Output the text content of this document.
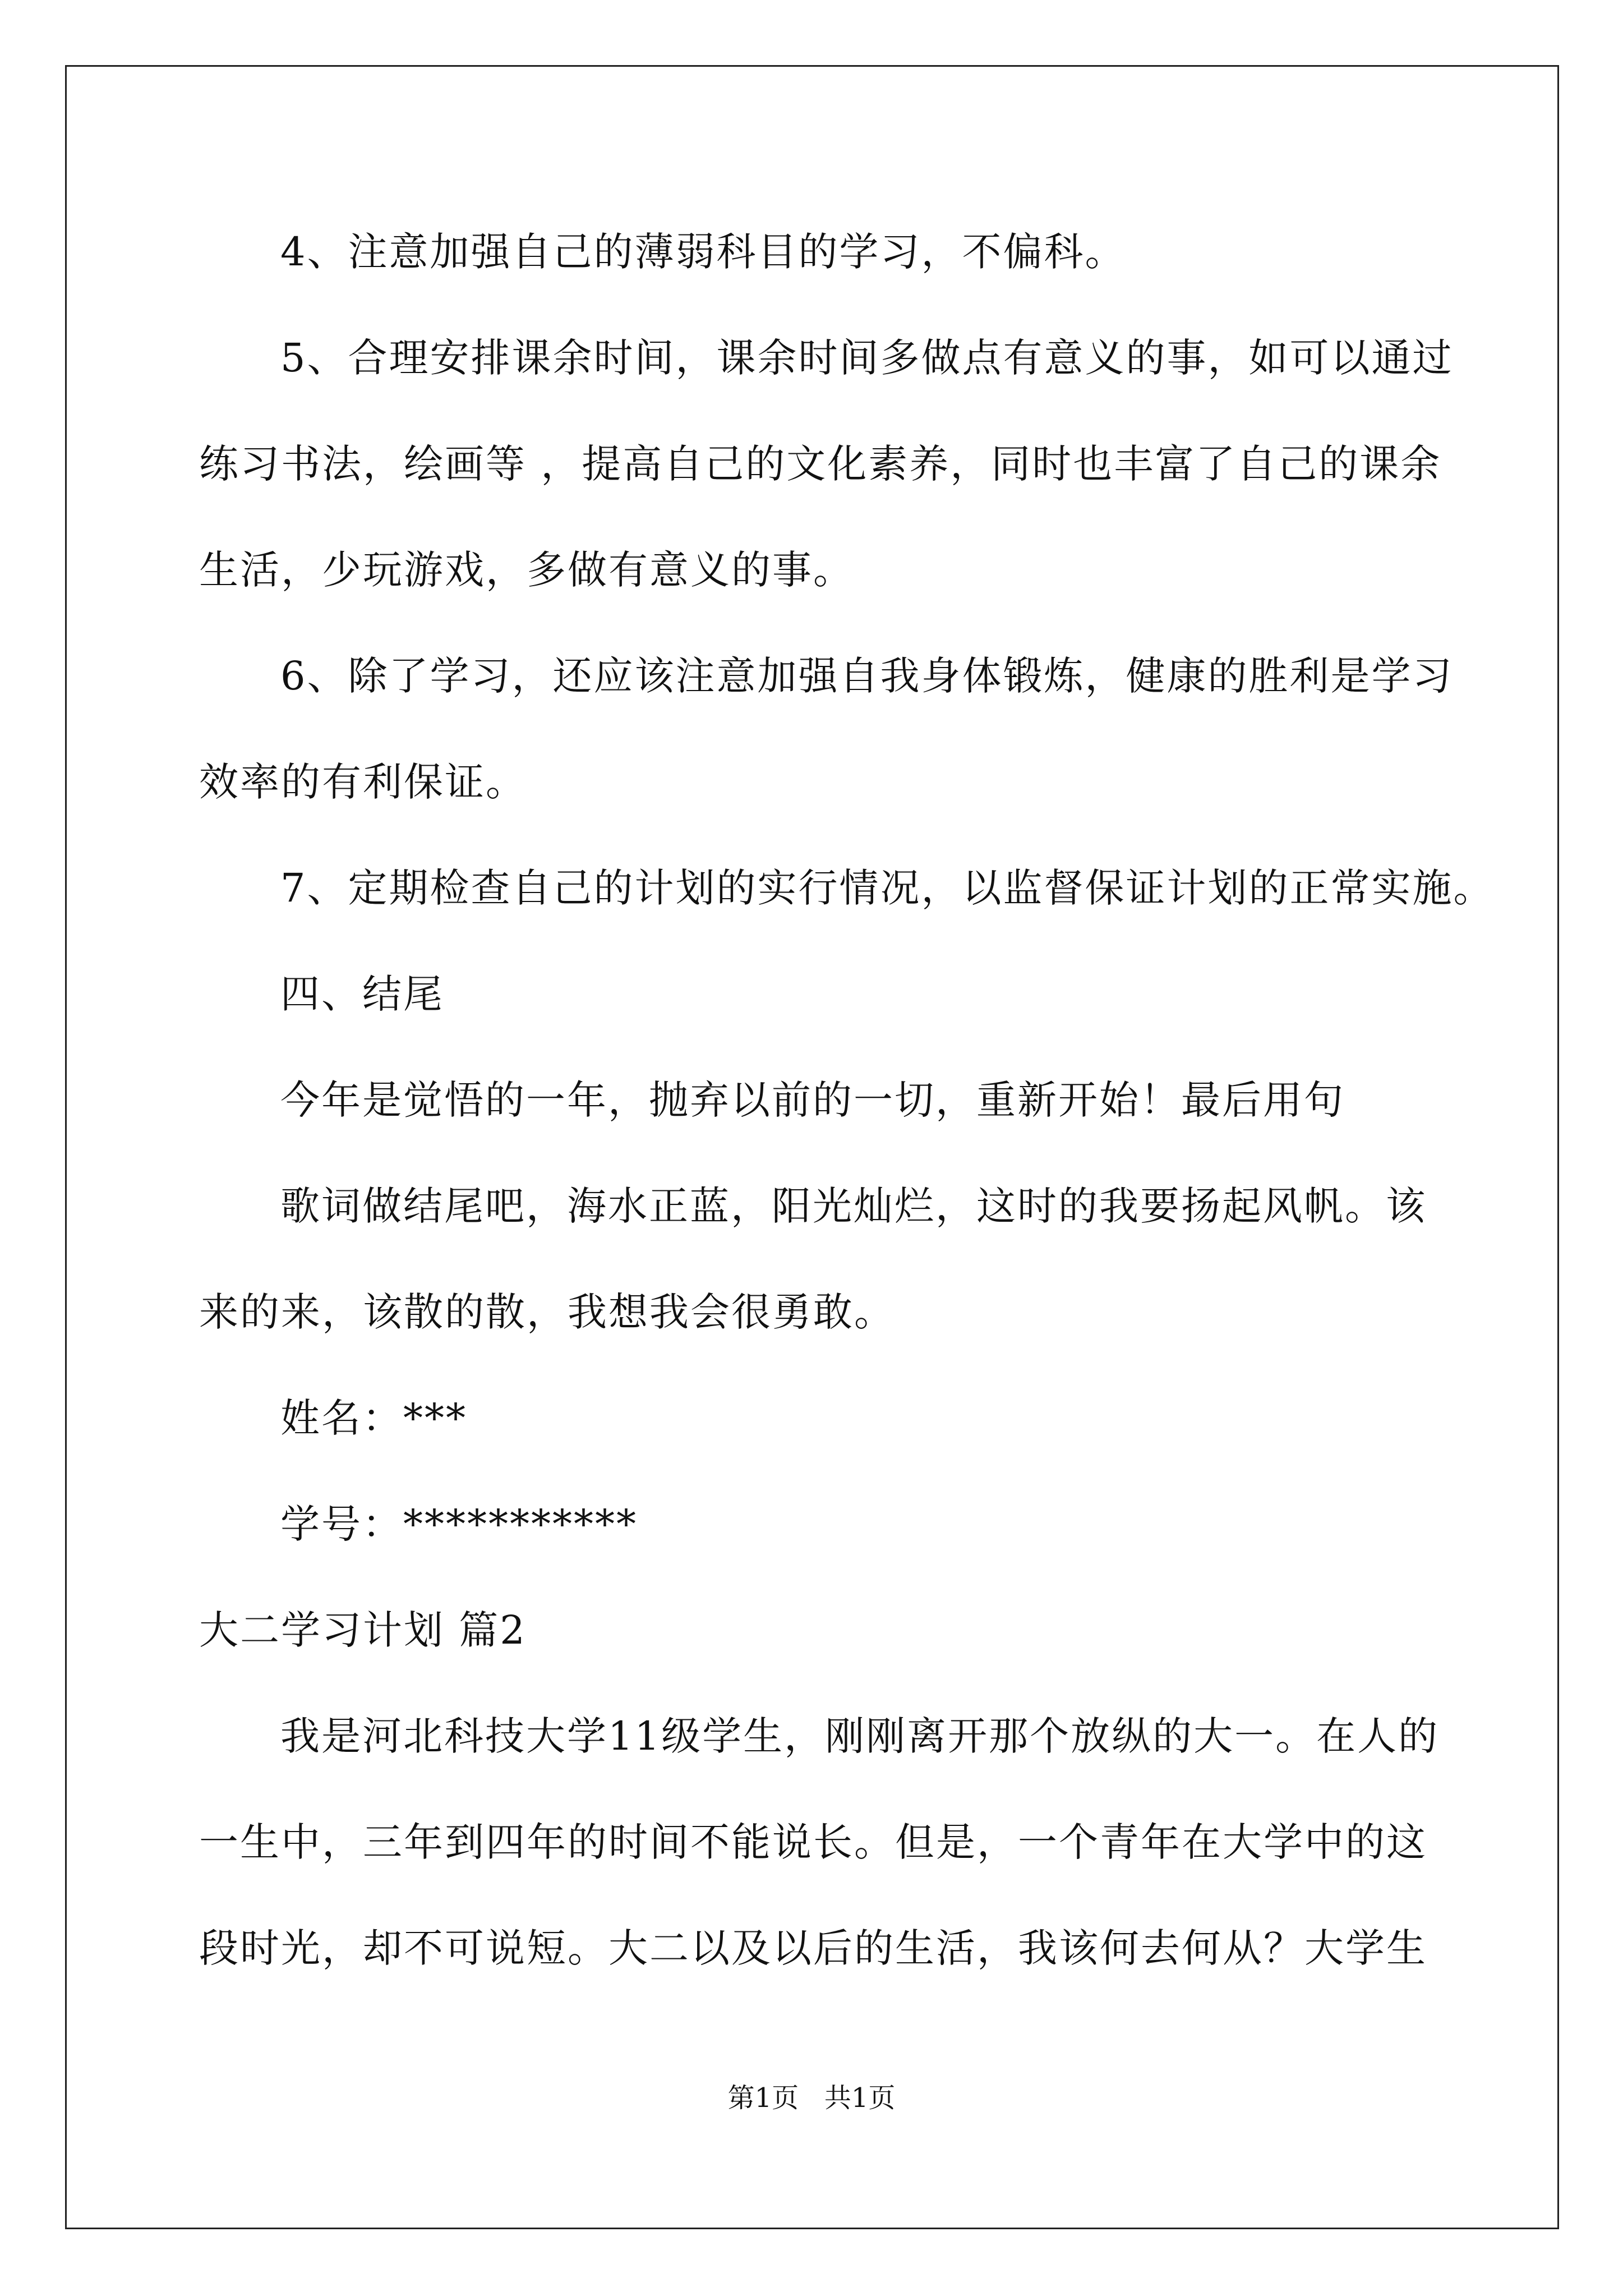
4、注意加强自己的薄弱科目的学习，不偏科。
5、合理安排课余时间，课余时间多做点有意义的事，如可以通过
练习书法，绘画等 ，提高自己的文化素养，同时也丰富了自己的课余
生活，少玩游戏，多做有意义的事。
6、除了学习，还应该注意加强自我身体锻炼，健康的胜利是学习
效率的有利保证。
7、定期检查自己的计划的实行情况，以监督保证计划的正常实施。
四、结尾
今年是觉悟的一年，抛弃以前的一切，重新开始！最后用句
歌词做结尾吧，海水正蓝，阳光灿烂，这时的我要扬起风帆。该
来的来，该散的散，我想我会很勇敢。
姓名：***
学号：***********
大二学习计划 篇2
我是河北科技大学11级学生，刚刚离开那个放纵的大一。在人的
一生中，三年到四年的时间不能说长。但是，一个青年在大学中的这
段时光，却不可说短。大二以及以后的生活，我该何去何从？大学生
第1页   共1页
